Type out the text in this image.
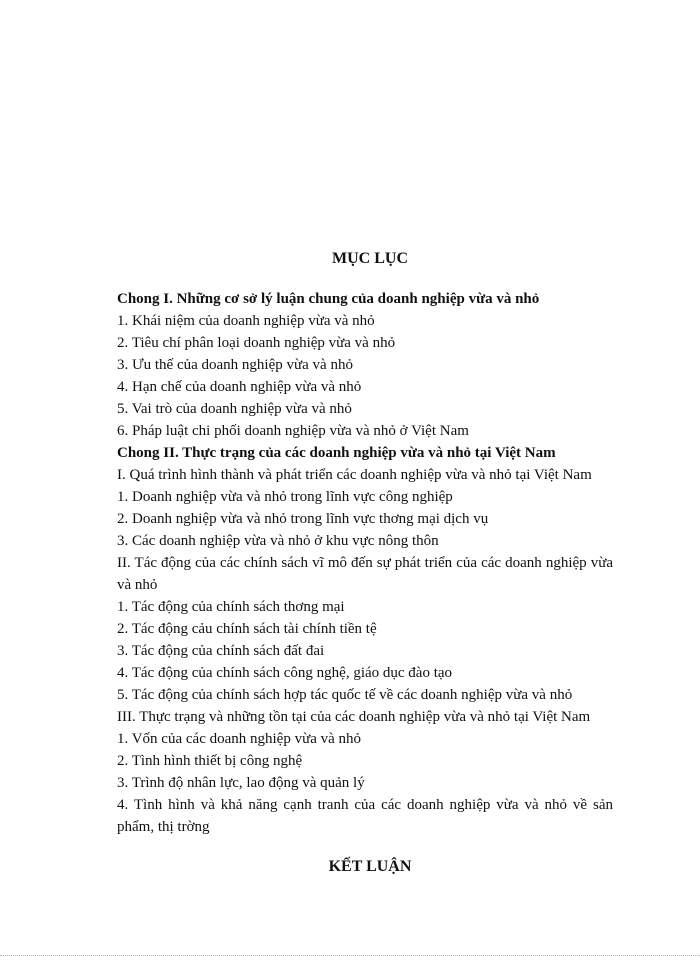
MỤC LỤC

Chong I. Những cơ sở lý luận chung của doanh nghiệp vừa và nhỏ

1. Khái niệm của doanh nghiệp vừa và nhỏ

2. Tiêu chí phân loại doanh nghiệp vừa và nhỏ

3. Ưu thế của doanh nghiệp vừa và nhỏ

4. Hạn chế của doanh nghiệp vừa và nhỏ

5. Vai trò của doanh nghiệp vừa và nhỏ

6. Pháp luật chi phối doanh nghiệp vừa và nhỏ ở Việt Nam

Chong II. Thực trạng của các doanh nghiệp vừa và nhỏ tại Việt Nam

I. Quá trình hình thành và phát triển các doanh nghiệp vừa và nhỏ tại Việt Nam

1. Doanh nghiệp vừa và nhỏ trong lĩnh vực công nghiệp

2. Doanh nghiệp vừa và nhỏ trong lĩnh vực thơng mại dịch vụ

3. Các doanh nghiệp vừa và nhỏ ở khu vực nông thôn

II. Tác động của các chính sách vĩ mô đến sự phát triển của các doanh nghiệp vừa và nhỏ

1. Tác động của chính sách thơng mại

2. Tác động cảu chính sách tài chính tiền tệ

3. Tác động của chính sách đất đai

4. Tác động của chính sách công nghệ, giáo dục đào tạo

5. Tác động của chính sách hợp tác quốc tế về các doanh nghiệp vừa và nhỏ

III. Thực trạng và những tồn tại của các doanh nghiệp vừa và nhỏ tại Việt Nam

1. Vốn của các doanh nghiệp vừa và nhỏ

2. Tình hình thiết bị công nghệ

3. Trình độ nhân lực, lao động và quản lý

4. Tình hình và khả năng cạnh tranh của các doanh nghiệp vừa và nhỏ về sản phẩm, thị trờng

KẾT LUẬN
